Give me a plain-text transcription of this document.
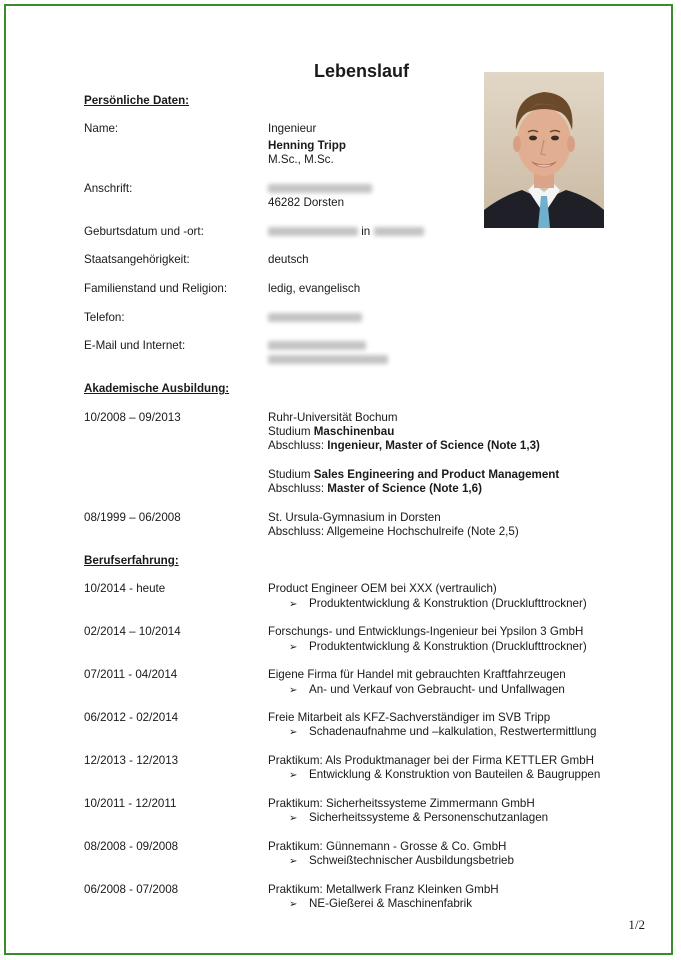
Lebenslauf
Persönliche Daten:
Name:	Ingenieur
Henning Tripp
M.Sc., M.Sc.
Anschrift:
46282 Dorsten
Geburtsdatum und -ort:	in
Staatsangehörigkeit:	deutsch
Familienstand und Religion:	ledig, evangelisch
Telefon:
E-Mail und Internet:
Akademische Ausbildung:
10/2008 – 09/2013	Ruhr-Universität Bochum
Studium Maschinenbau
Abschluss: Ingenieur, Master of Science (Note 1,3)
Studium Sales Engineering and Product Management
Abschluss: Master of Science (Note 1,6)
08/1999 – 06/2008	St. Ursula-Gymnasium in Dorsten
Abschluss: Allgemeine Hochschulreife (Note 2,5)
Berufserfahrung:
10/2014 - heute	Product Engineer OEM bei XXX (vertraulich)
➢ Produktentwicklung & Konstruktion (Drucklufttrockner)
02/2014 – 10/2014	Forschungs- und Entwicklungs-Ingenieur bei Ypsilon 3 GmbH
➢ Produktentwicklung & Konstruktion (Drucklufttrockner)
07/2011 - 04/2014	Eigene Firma für Handel mit gebrauchten Kraftfahrzeugen
➢ An- und Verkauf von Gebraucht- und Unfallwagen
06/2012 - 02/2014	Freie Mitarbeit als KFZ-Sachverständiger im SVB Tripp
➢ Schadenaufnahme und –kalkulation, Restwertermittlung
12/2013 - 12/2013	Praktikum: Als Produktmanager bei der Firma KETTLER GmbH
➢ Entwicklung & Konstruktion von Bauteilen & Baugruppen
10/2011 - 12/2011	Praktikum: Sicherheitssysteme Zimmermann GmbH
➢ Sicherheitssysteme & Personenschutzanlagen
08/2008 - 09/2008	Praktikum: Günnemann - Grosse & Co. GmbH
➢ Schweißtechnischer Ausbildungsbetrieb
06/2008 - 07/2008	Praktikum: Metallwerk Franz Kleinken GmbH
➢ NE-Gießerei & Maschinenfabrik
1/2
